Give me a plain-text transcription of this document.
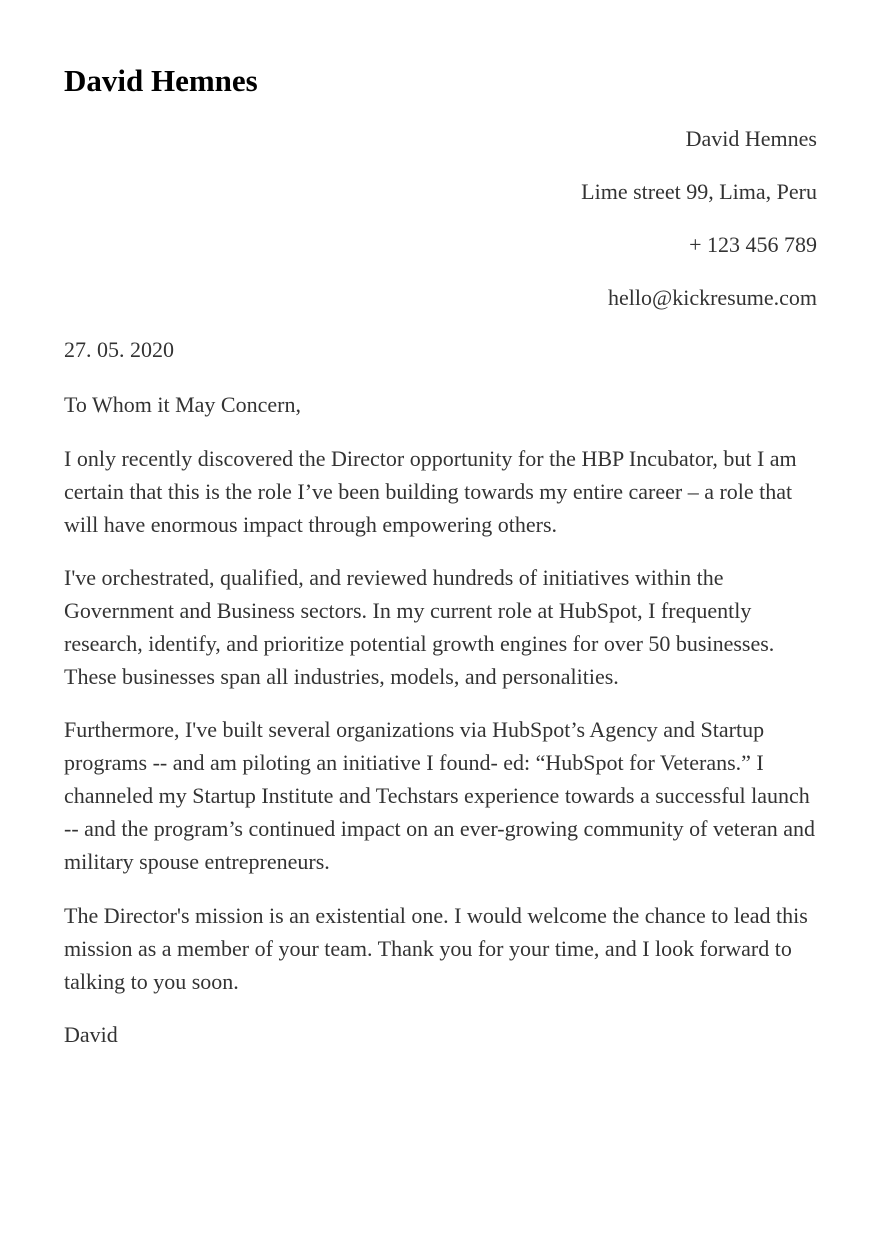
David Hemnes
David Hemnes
Lime street 99, Lima, Peru
+ 123 456 789
hello@kickresume.com
27. 05. 2020
To Whom it May Concern,

I only recently discovered the Director opportunity for the HBP Incubator, but I am certain that this is the role I’ve been building towards my entire career – a role that will have enormous impact through empowering others.

I've orchestrated, qualified, and reviewed hundreds of initiatives within the Government and Business sectors. In my current role at HubSpot, I frequently research, identify, and prioritize potential growth engines for over 50 businesses. These businesses span all industries, models, and personalities.

Furthermore, I've built several organizations via HubSpot’s Agency and Startup programs -- and am piloting an initiative I found- ed: “HubSpot for Veterans.” I channeled my Startup Institute and Techstars experience towards a successful launch -- and the program’s continued impact on an ever-growing community of veteran and military spouse entrepreneurs.

The Director's mission is an existential one. I would welcome the chance to lead this mission as a member of your team. Thank you for your time, and I look forward to talking to you soon.

David
